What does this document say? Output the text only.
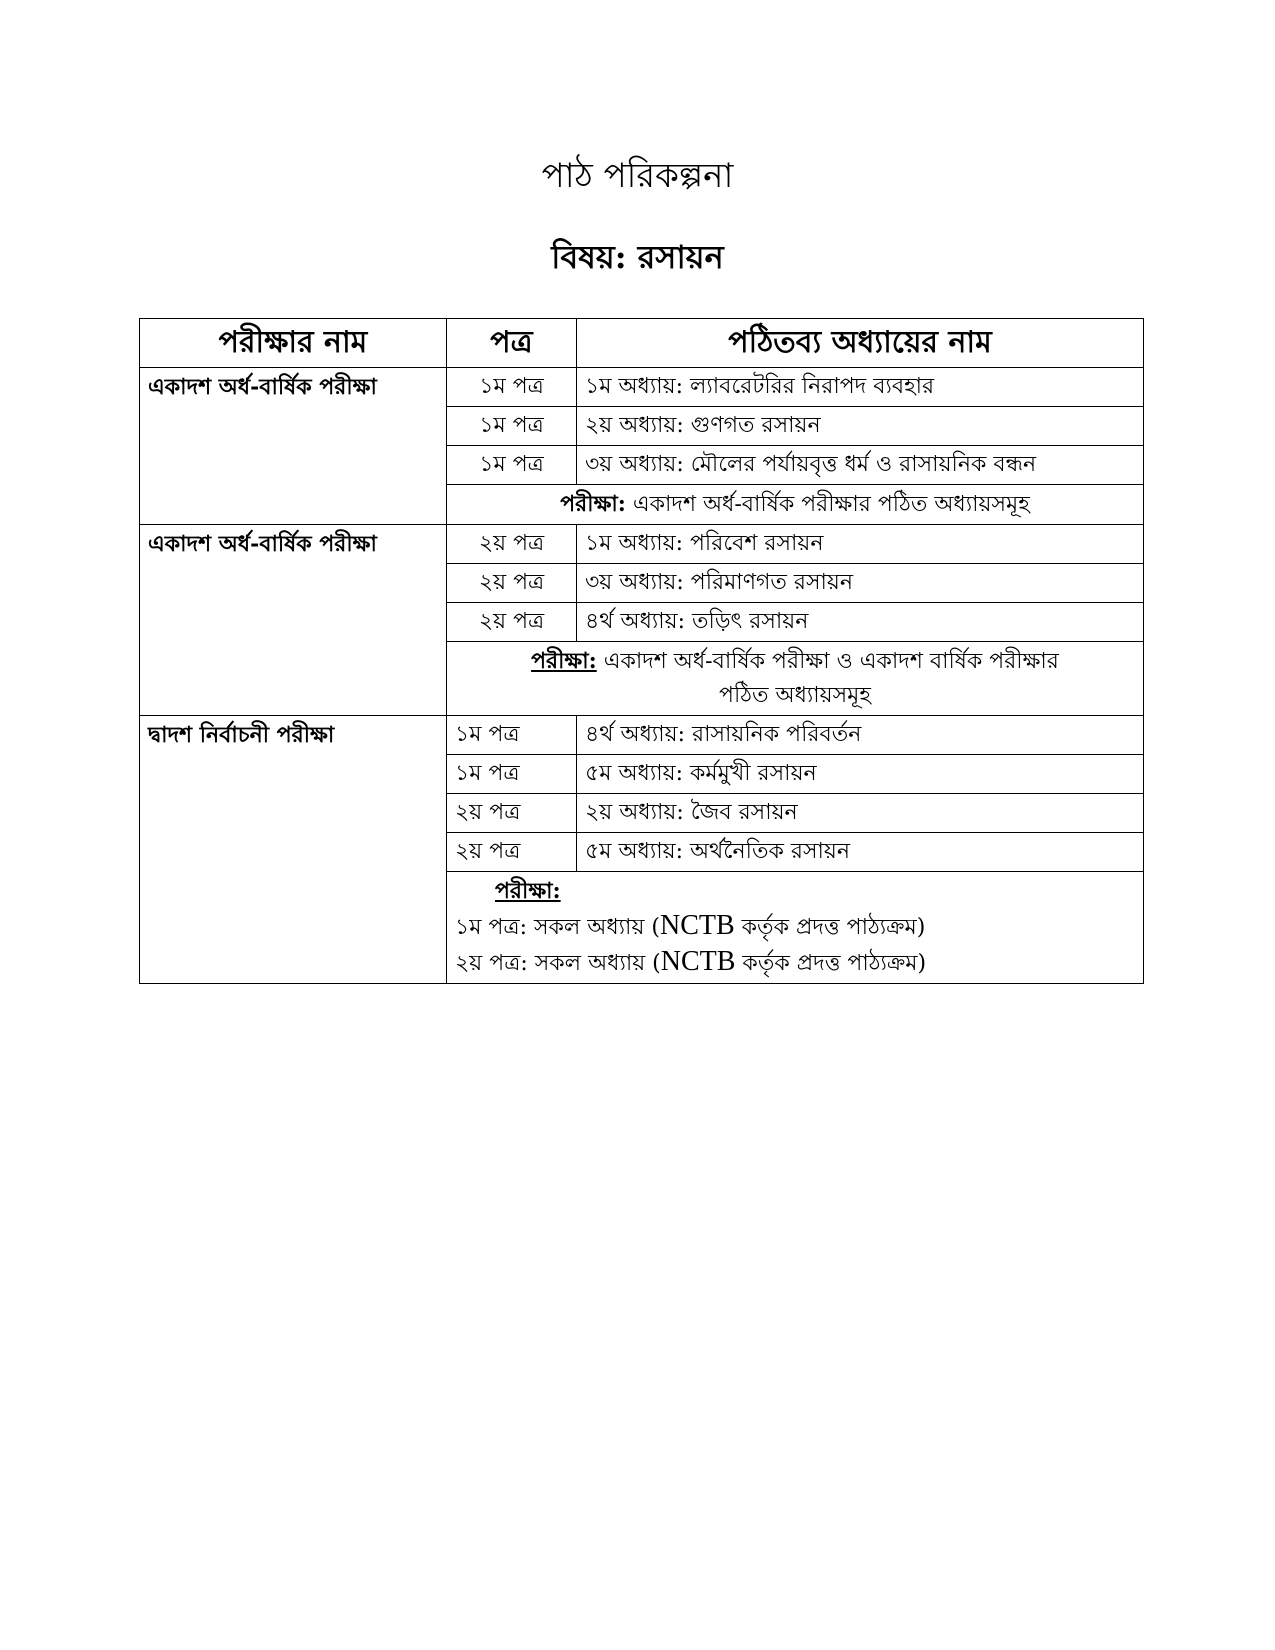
পাঠ পরিকল্পনা
বিষয়: রসায়ন
পরীক্ষার নাম	পত্র	পঠিতব্য অধ্যায়ের নাম
একাদশ অর্ধ-বার্ষিক পরীক্ষা	১ম পত্র	১ম অধ্যায়: ল্যাবরেটরির নিরাপদ ব্যবহার
	১ম পত্র	২য় অধ্যায়: গুণগত রসায়ন
	১ম পত্র	৩য় অধ্যায়: মৌলের পর্যায়বৃত্ত ধর্ম ও রাসায়নিক বন্ধন
	পরীক্ষা: একাদশ অর্ধ-বার্ষিক পরীক্ষার পঠিত অধ্যায়সমূহ	
একাদশ অর্ধ-বার্ষিক পরীক্ষা	২য় পত্র	১ম অধ্যায়: পরিবেশ রসায়ন
	২য় পত্র	৩য় অধ্যায়: পরিমাণগত রসায়ন
	২য় পত্র	৪র্থ অধ্যায়: তড়িৎ রসায়ন

	পরীক্ষা: একাদশ অর্ধ-বার্ষিক পরীক্ষা ও একাদশ বার্ষিক পরীক্ষার
পঠিত অধ্যায়সমূহ	

দ্বাদশ নির্বাচনী পরীক্ষা	১ম পত্র	৪র্থ অধ্যায়: রাসায়নিক পরিবর্তন
	১ম পত্র	৫ম অধ্যায়: কর্মমুখী রসায়ন
	২য় পত্র	২য় অধ্যায়: জৈব রসায়ন
	২য় পত্র	৫ম অধ্যায়: অর্থনৈতিক রসায়ন

	পরীক্ষা:
১ম পত্র: সকল অধ্যায় (NCTB কর্তৃক প্রদত্ত পাঠ্যক্রম)
২য় পত্র: সকল অধ্যায় (NCTB কর্তৃক প্রদত্ত পাঠ্যক্রম)	
